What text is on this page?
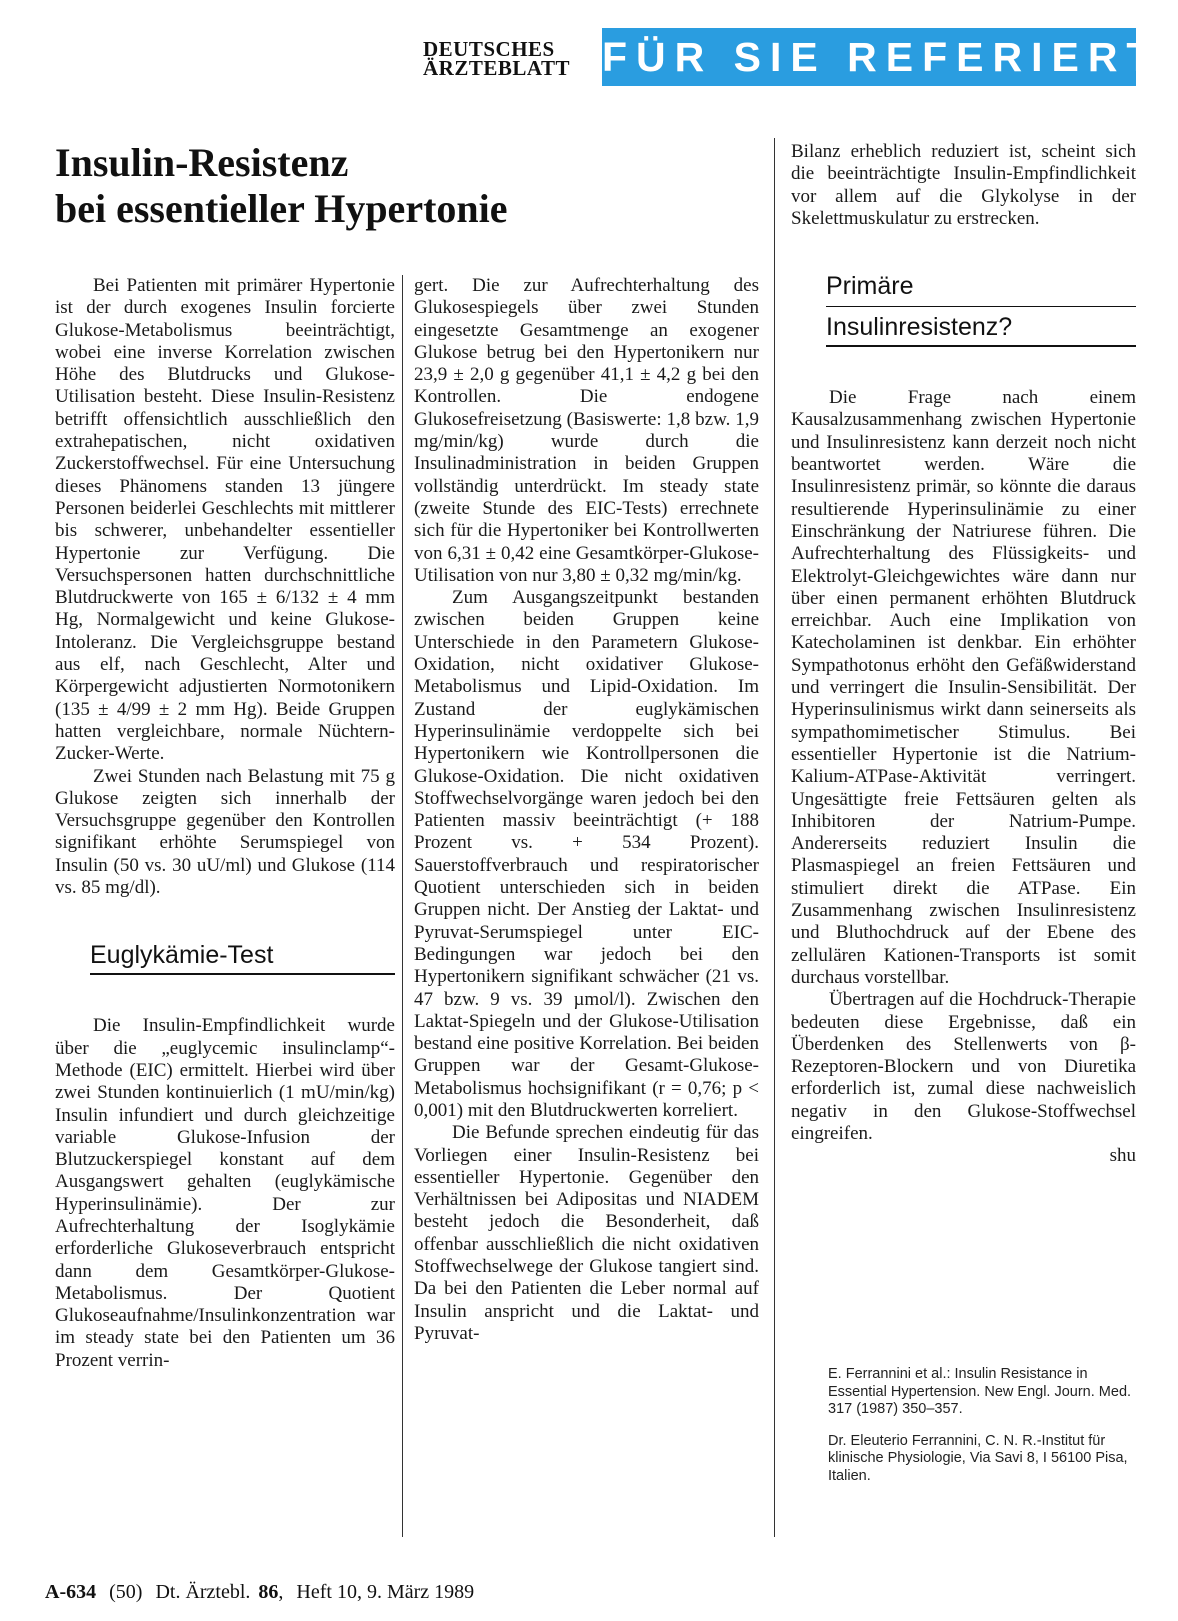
DEUTSCHES
ÄRZTEBLATT FÜR SIE REFERIERT
Insulin-Resistenz
bei essentieller Hypertonie

Bei Patienten mit primärer Hypertonie ist der durch exogenes Insulin forcierte Glukose-Metabolismus beeinträchtigt, wobei eine inverse Korrelation zwischen Höhe des Blutdrucks und Glukose-Utilisation besteht. Diese Insulin-Resistenz betrifft offensichtlich ausschließlich den extrahepatischen, nicht oxidativen Zuckerstoffwechsel. Für eine Untersuchung dieses Phänomens standen 13 jüngere Personen beiderlei Geschlechts mit mittlerer bis schwerer, unbehandelter essentieller Hypertonie zur Verfügung. Die Versuchspersonen hatten durchschnittliche Blutdruckwerte von 165 ± 6/132 ± 4 mm Hg, Normalgewicht und keine Glukose-Intoleranz. Die Vergleichsgruppe bestand aus elf, nach Geschlecht, Alter und Körpergewicht adjustierten Normotonikern (135 ± 4/99 ± 2 mm Hg). Beide Gruppen hatten vergleichbare, normale Nüchtern-Zucker-Werte.

Zwei Stunden nach Belastung mit 75 g Glukose zeigten sich innerhalb der Versuchsgruppe gegenüber den Kontrollen signifikant erhöhte Serumspiegel von Insulin (50 vs. 30 uU/ml) und Glukose (114 vs. 85 mg/dl).

Euglykämie-Test

Die Insulin-Empfindlichkeit wurde über die „euglycemic insulinclamp“-Methode (EIC) ermittelt. Hierbei wird über zwei Stunden kontinuierlich (1 mU/min/kg) Insulin infundiert und durch gleichzeitige variable Glukose-Infusion der Blutzuckerspiegel konstant auf dem Ausgangswert gehalten (euglykämische Hyperinsulinämie). Der zur Aufrechterhaltung der Isoglykämie erforderliche Glukoseverbrauch entspricht dann dem Gesamtkörper-Glukose-Metabolismus. Der Quotient Glukoseaufnahme/Insulinkonzentration war im steady state bei den Patienten um 36 Prozent verrin-

gert. Die zur Aufrechterhaltung des Glukosespiegels über zwei Stunden eingesetzte Gesamtmenge an exogener Glukose betrug bei den Hypertonikern nur 23,9 ± 2,0 g gegenüber 41,1 ± 4,2 g bei den Kontrollen. Die endogene Glukosefreisetzung (Basiswerte: 1,8 bzw. 1,9 mg/min/kg) wurde durch die Insulinadministration in beiden Gruppen vollständig unterdrückt. Im steady state (zweite Stunde des EIC-Tests) errechnete sich für die Hypertoniker bei Kontrollwerten von 6,31 ± 0,42 eine Gesamtkörper-Glukose-Utilisation von nur 3,80 ± 0,32 mg/min/kg.

Zum Ausgangszeitpunkt bestanden zwischen beiden Gruppen keine Unterschiede in den Parametern Glukose-Oxidation, nicht oxidativer Glukose-Metabolismus und Lipid-Oxidation. Im Zustand der euglykämischen Hyperinsulinämie verdoppelte sich bei Hypertonikern wie Kontrollpersonen die Glukose-Oxidation. Die nicht oxidativen Stoffwechselvorgänge waren jedoch bei den Patienten massiv beeinträchtigt (+ 188 Prozent vs. + 534 Prozent). Sauerstoffverbrauch und respiratorischer Quotient unterschieden sich in beiden Gruppen nicht. Der Anstieg der Laktat- und Pyruvat-Serumspiegel unter EIC-Bedingungen war jedoch bei den Hypertonikern signifikant schwächer (21 vs. 47 bzw. 9 vs. 39 µmol/l). Zwischen den Laktat-Spiegeln und der Glukose-Utilisation bestand eine positive Korrelation. Bei beiden Gruppen war der Gesamt-Glukose-Metabolismus hochsignifikant (r = 0,76; p < 0,001) mit den Blutdruckwerten korreliert.

Die Befunde sprechen eindeutig für das Vorliegen einer Insulin-Resistenz bei essentieller Hypertonie. Gegenüber den Verhältnissen bei Adipositas und NIADEM besteht jedoch die Besonderheit, daß offenbar ausschließlich die nicht oxidativen Stoffwechselwege der Glukose tangiert sind. Da bei den Patienten die Leber normal auf Insulin anspricht und die Laktat- und Pyruvat-

Bilanz erheblich reduziert ist, scheint sich die beeinträchtigte Insulin-Empfindlichkeit vor allem auf die Glykolyse in der Skelettmuskulatur zu erstrecken.

Primäre
Insulinresistenz?

Die Frage nach einem Kausalzusammenhang zwischen Hypertonie und Insulinresistenz kann derzeit noch nicht beantwortet werden. Wäre die Insulinresistenz primär, so könnte die daraus resultierende Hyperinsulinämie zu einer Einschränkung der Natriurese führen. Die Aufrechterhaltung des Flüssigkeits- und Elektrolyt-Gleichgewichtes wäre dann nur über einen permanent erhöhten Blutdruck erreichbar. Auch eine Implikation von Katecholaminen ist denkbar. Ein erhöhter Sympathotonus erhöht den Gefäßwiderstand und verringert die Insulin-Sensibilität. Der Hyperinsulinismus wirkt dann seinerseits als sympathomimetischer Stimulus. Bei essentieller Hypertonie ist die Natrium-Kalium-ATPase-Aktivität verringert. Ungesättigte freie Fettsäuren gelten als Inhibitoren der Natrium-Pumpe. Andererseits reduziert Insulin die Plasmaspiegel an freien Fettsäuren und stimuliert direkt die ATPase. Ein Zusammenhang zwischen Insulinresistenz und Bluthochdruck auf der Ebene des zellulären Kationen-Transports ist somit durchaus vorstellbar.

Übertragen auf die Hochdruck-Therapie bedeuten diese Ergebnisse, daß ein Überdenken des Stellenwerts von β-Rezeptoren-Blockern und von Diuretika erforderlich ist, zumal diese nachweislich negativ in den Glukose-Stoffwechsel eingreifen.

shu

E. Ferrannini et al.: Insulin Resistance in Essential Hypertension. New Engl. Journ. Med. 317 (1987) 350–357.

Dr. Eleuterio Ferrannini, C. N. R.-Institut für klinische Physiologie, Via Savi 8, I 56100 Pisa, Italien.

A-634 (50) Dt. Ärztebl. 86, Heft 10, 9. März 1989
